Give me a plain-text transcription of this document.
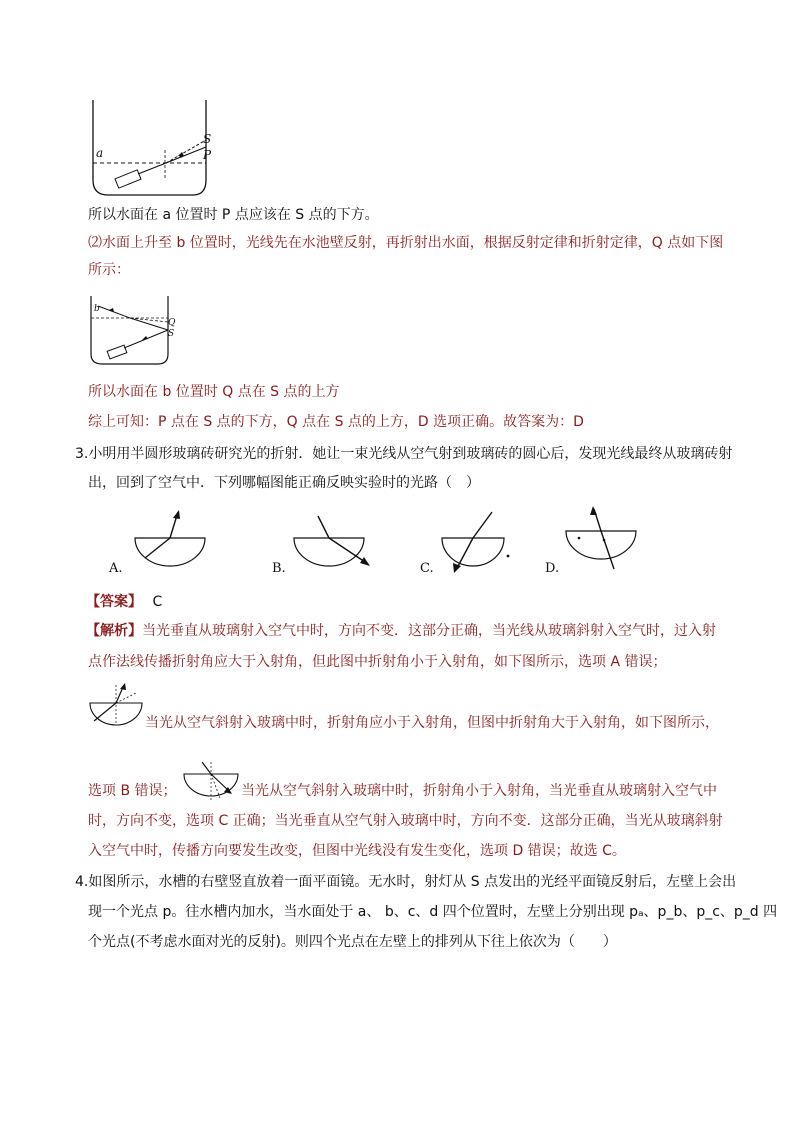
a
S
P
所以水面在 a 位置时 P 点应该在 S 点的下方。
⑵水面上升至 b 位置时，光线先在水池壁反射，再折射出水面，根据反射定律和折射定律，Q 点如下图
所示：
b
Q
S
所以水面在 b 位置时 Q 点在 S 点的上方
综上可知：P 点在 S 点的下方，Q 点在 S 点的上方，D 选项正确。故答案为：D
3.小明用半圆形玻璃砖研究光的折射．她让一束光线从空气射到玻璃砖的圆心后，发现光线最终从玻璃砖射
出，回到了空气中．下列哪幅图能正确反映实验时的光路（　）
A.	B.	C.	D.
【答案】 C
【解析】当光垂直从玻璃射入空气中时，方向不变．这部分正确，当光线从玻璃斜射入空气时，过入射
点作法线传播折射角应大于入射角，但此图中折射角小于入射角，如下图所示，选项 A 错误；
当光从空气斜射入玻璃中时，折射角应小于入射角，但图中折射角大于入射角，如下图所示，
选项 B 错误；	当光从空气斜射入玻璃中时，折射角小于入射角，当光垂直从玻璃射入空气中
时，方向不变，选项 C 正确；当光垂直从空气射入玻璃中时，方向不变．这部分正确，当光从玻璃斜射
入空气中时，传播方向要发生改变，但图中光线没有发生变化，选项 D 错误；故选 C。
4.如图所示，水槽的右壁竖直放着一面平面镜。无水时，射灯从 S 点发出的光经平面镜反射后，左壁上会出
现一个光点 p。往水槽内加水，当水面处于 a、 b、c、d 四个位置时，左壁上分别出现 pₐ、p_b、p_c、p_d 四
个光点(不考虑水面对光的反射)。则四个光点在左壁上的排列从下往上依次为（　　）
